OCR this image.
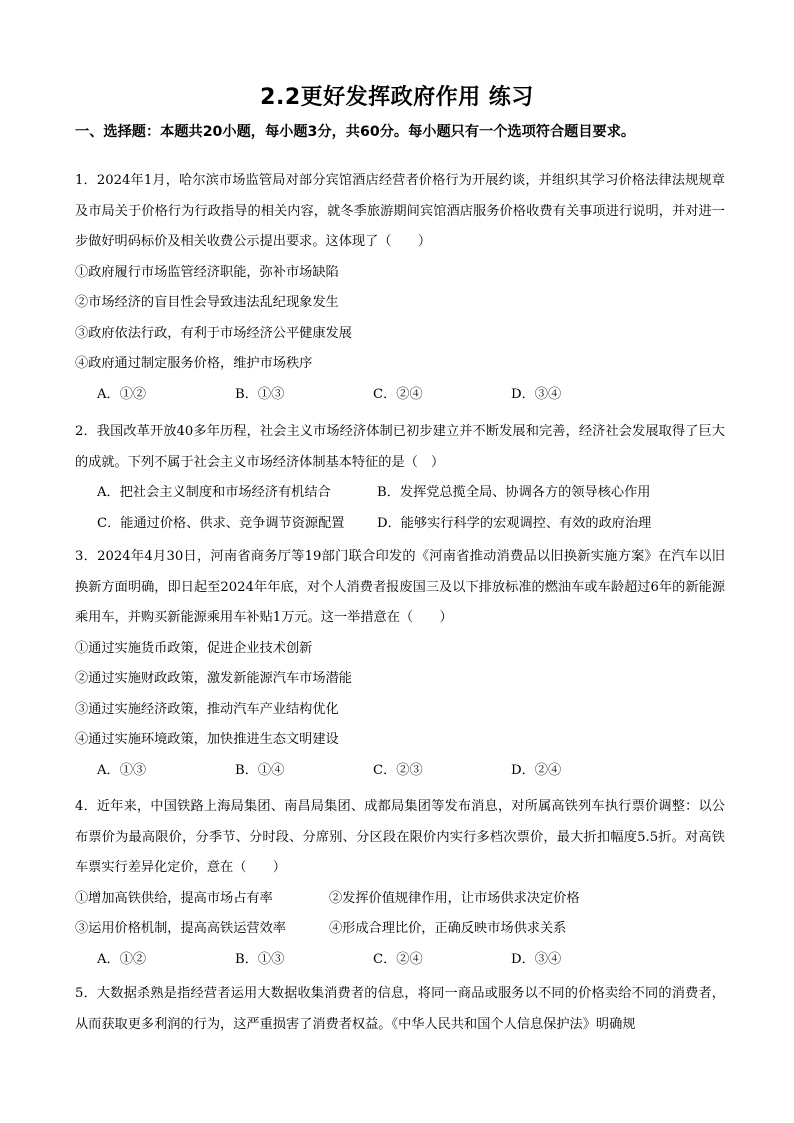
2.2更好发挥政府作用 练习
一、选择题：本题共20小题，每小题3分，共60分。每小题只有一个选项符合题目要求。
1．2024年1月，哈尔滨市场监管局对部分宾馆酒店经营者价格行为开展约谈，并组织其学习价格法律法规规章及市局关于价格行为行政指导的相关内容，就冬季旅游期间宾馆酒店服务价格收费有关事项进行说明，并对进一步做好明码标价及相关收费公示提出要求。这体现了（　　）
①政府履行市场监管经济职能，弥补市场缺陷
②市场经济的盲目性会导致违法乱纪现象发生
③政府依法行政，有利于市场经济公平健康发展
④政府通过制定服务价格，维护市场秩序
A．①②	B．①③	C．②④	D．③④
2．我国改革开放40多年历程，社会主义市场经济体制已初步建立并不断发展和完善，经济社会发展取得了巨大的成就。下列不属于社会主义市场经济体制基本特征的是（　）
A．把社会主义制度和市场经济有机结合	B．发挥党总揽全局、协调各方的领导核心作用
C．能通过价格、供求、竞争调节资源配置	D．能够实行科学的宏观调控、有效的政府治理
3．2024年4月30日，河南省商务厅等19部门联合印发的《河南省推动消费品以旧换新实施方案》在汽车以旧换新方面明确，即日起至2024年年底，对个人消费者报废国三及以下排放标准的燃油车或车龄超过6年的新能源乘用车，并购买新能源乘用车补贴1万元。这一举措意在（　　）
①通过实施货币政策，促进企业技术创新
②通过实施财政政策，激发新能源汽车市场潜能
③通过实施经济政策，推动汽车产业结构优化
④通过实施环境政策，加快推进生态文明建设
A．①③	B．①④	C．②③	D．②④
4．近年来，中国铁路上海局集团、南昌局集团、成都局集团等发布消息，对所属高铁列车执行票价调整：以公布票价为最高限价，分季节、分时段、分席别、分区段在限价内实行多档次票价，最大折扣幅度5.5折。对高铁车票实行差异化定价，意在（　　）
①增加高铁供给，提高市场占有率	②发挥价值规律作用，让市场供求决定价格
③运用价格机制，提高高铁运营效率	④形成合理比价，正确反映市场供求关系
A．①②	B．①③	C．②④	D．③④
5．大数据杀熟是指经营者运用大数据收集消费者的信息，将同一商品或服务以不同的价格卖给不同的消费者，从而获取更多利润的行为，这严重损害了消费者权益。《中华人民共和国个人信息保护法》明确规
